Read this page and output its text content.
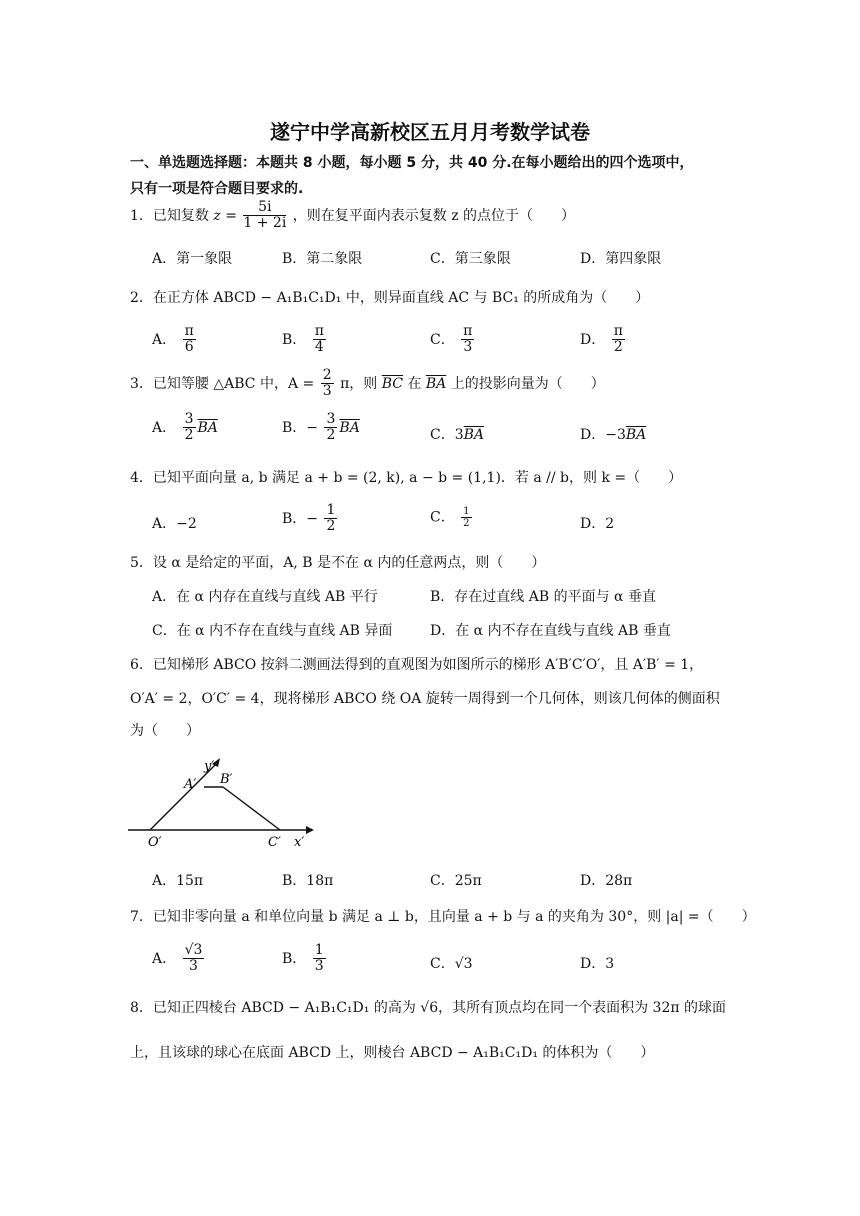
遂宁中学高新校区五月月考数学试卷
一、单选题选择题：本题共 8 小题，每小题 5 分，共 40 分.在每小题给出的四个选项中，
只有一项是符合题目要求的.
1．已知复数 $z = \frac{5i}{1 + 2i}$ ，则在复平面内表示复数 z 的点位于（　　）
A．第一象限	B．第二象限	C．第三象限	D．第四象限
2．在正方体 ABCD − A₁B₁C₁D₁ 中，则异面直线 AC 与 BC₁ 的所成角为（　　）
A． $\frac{\pi}{6}$	B． $\frac{\pi}{4}$	C． $\frac{\pi}{3}$	D． $\frac{\pi}{2}$
3．已知等腰 △ABC 中，$A = \frac{2}{3}$ π，则 $\overline{BC}$ 在 $\overline{BA}$ 上的投影向量为（　　）
A． $\frac{3}{2} \overline{BA}$	B．− $\frac{3}{2} \overline{BA}$	C．$3\overline{BA}$	D．$-3\overline{BA}$
4．已知平面向量 a, b 满足 a + b = (2, k), a − b = (1,1)．若 a // b，则 k =（　　）
A．−2	B．− $\frac{1}{2}$	C． $\frac{1}{2}$	D．2
5．设 α 是给定的平面，A, B 是不在 α 内的任意两点，则（　　）
A．在 α 内存在直线与直线 AB 平行	B．存在过直线 AB 的平面与 α 垂直
C．在 α 内不存在直线与直线 AB 异面	D．在 α 内不存在直线与直线 AB 垂直
6．已知梯形 ABCO 按斜二测画法得到的直观图为如图所示的梯形 A′B′C′O′，且 A′B′ = 1，
O′A′ = 2，O′C′ = 4，现将梯形 ABCO 绕 OA 旋转一周得到一个几何体，则该几何体的侧面积
为（　　）
y′
A′ B′
O′	C′ x′
A．15π	B．18π	C．25π	D．28π
7．已知非零向量 a 和单位向量 b 满足 a ⊥ b，且向量 a + b 与 a 的夹角为 30°，则 |a| =（　　）
A． $\frac{√3}{3}$	B． $\frac{1}{3}$	C．√3	D．3
8．已知正四棱台 ABCD − A₁B₁C₁D₁ 的高为 √6，其所有顶点均在同一个表面积为 32π 的球面
上，且该球的球心在底面 ABCD 上，则棱台 ABCD − A₁B₁C₁D₁ 的体积为（　　）
